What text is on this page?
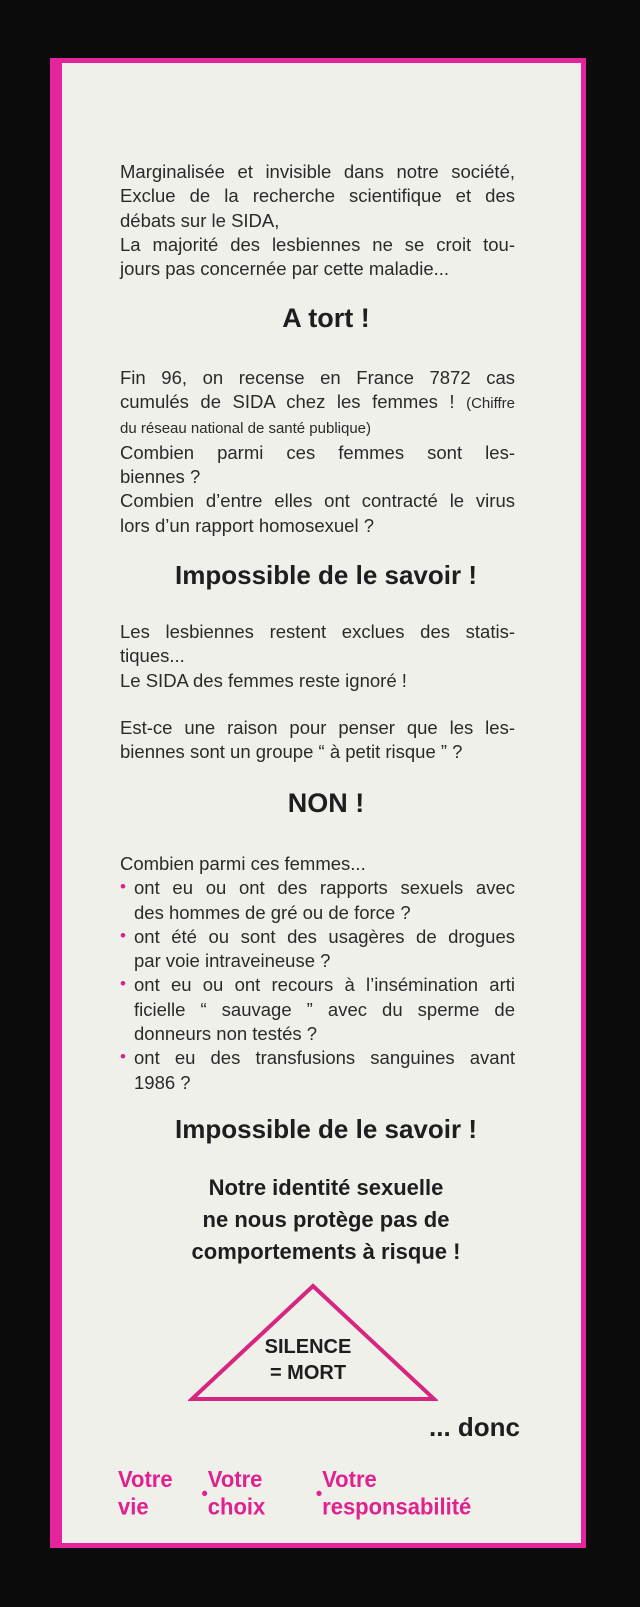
Marginalisée et invisible dans notre société,
Exclue de la recherche scientifique et des
débats sur le SIDA,
La majorité des lesbiennes ne se croit tou-
jours pas concernée par cette maladie...
A tort !
Fin 96, on recense en France 7872 cas
cumulés de SIDA chez les femmes ! (Chiffre
du réseau national de santé publique)
Combien parmi ces femmes sont les-
biennes ?
Combien d’entre elles ont contracté le virus
lors d’un rapport homosexuel ?
Impossible de le savoir !
Les lesbiennes restent exclues des statis-
tiques...
Le SIDA des femmes reste ignoré !
Est-ce une raison pour penser que les les-
biennes sont un groupe “ à petit risque ” ?
NON !
Combien parmi ces femmes...
• ont eu ou ont des rapports sexuels avec
des hommes de gré ou de force ?
• ont été ou sont des usagères de drogues
par voie intraveineuse ?
• ont eu ou ont recours à l’insémination arti
ficielle “ sauvage ” avec du sperme de
donneurs non testés ?
• ont eu des transfusions sanguines avant
1986 ?
Impossible de le savoir !
Notre identité sexuelle
ne nous protège pas de
comportements à risque !
SILENCE
= MORT
... donc
Votre vie
•
Votre choix
•
Votre responsabilité
